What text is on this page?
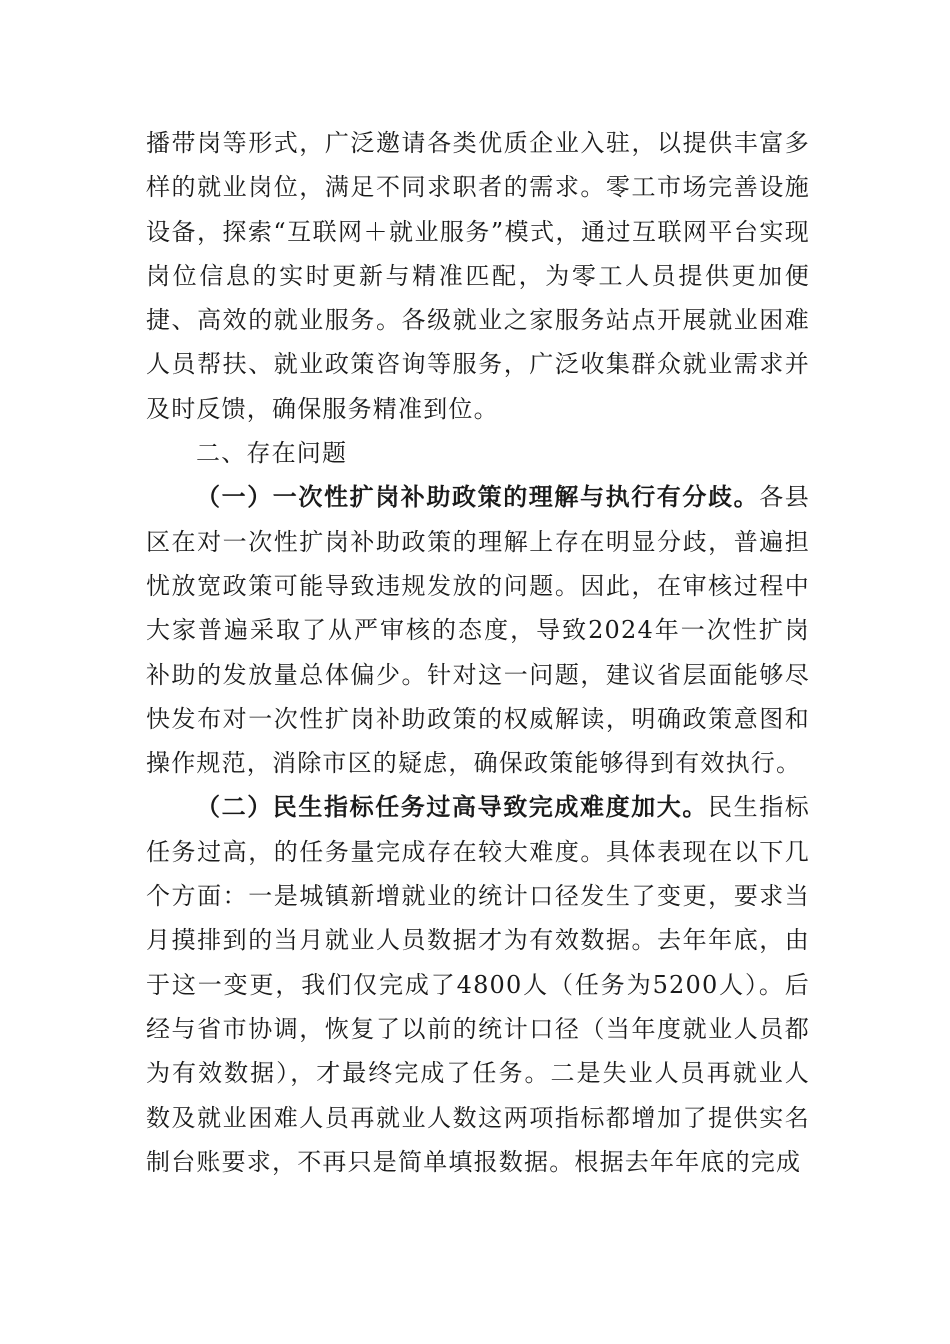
播带岗等形式，广泛邀请各类优质企业入驻，以提供丰富多样的就业岗位，满足不同求职者的需求。零工市场完善设施设备，探索“互联网＋就业服务”模式，通过互联网平台实现岗位信息的实时更新与精准匹配，为零工人员提供更加便捷、高效的就业服务。各级就业之家服务站点开展就业困难人员帮扶、就业政策咨询等服务，广泛收集群众就业需求并及时反馈，确保服务精准到位。

二、存在问题

（一）一次性扩岗补助政策的理解与执行有分歧。各县区在对一次性扩岗补助政策的理解上存在明显分歧，普遍担忧放宽政策可能导致违规发放的问题。因此，在审核过程中大家普遍采取了从严审核的态度，导致2024年一次性扩岗补助的发放量总体偏少。针对这一问题，建议省层面能够尽快发布对一次性扩岗补助政策的权威解读，明确政策意图和操作规范，消除市区的疑虑，确保政策能够得到有效执行。

（二）民生指标任务过高导致完成难度加大。民生指标任务过高，的任务量完成存在较大难度。具体表现在以下几个方面：一是城镇新增就业的统计口径发生了变更，要求当月摸排到的当月就业人员数据才为有效数据。去年年底，由于这一变更，我们仅完成了4800人（任务为5200人）。后经与省市协调，恢复了以前的统计口径（当年度就业人员都为有效数据），才最终完成了任务。二是失业人员再就业人数及就业困难人员再就业人数这两项指标都增加了提供实名制台账要求，不再只是简单填报数据。根据去年年底的完成
